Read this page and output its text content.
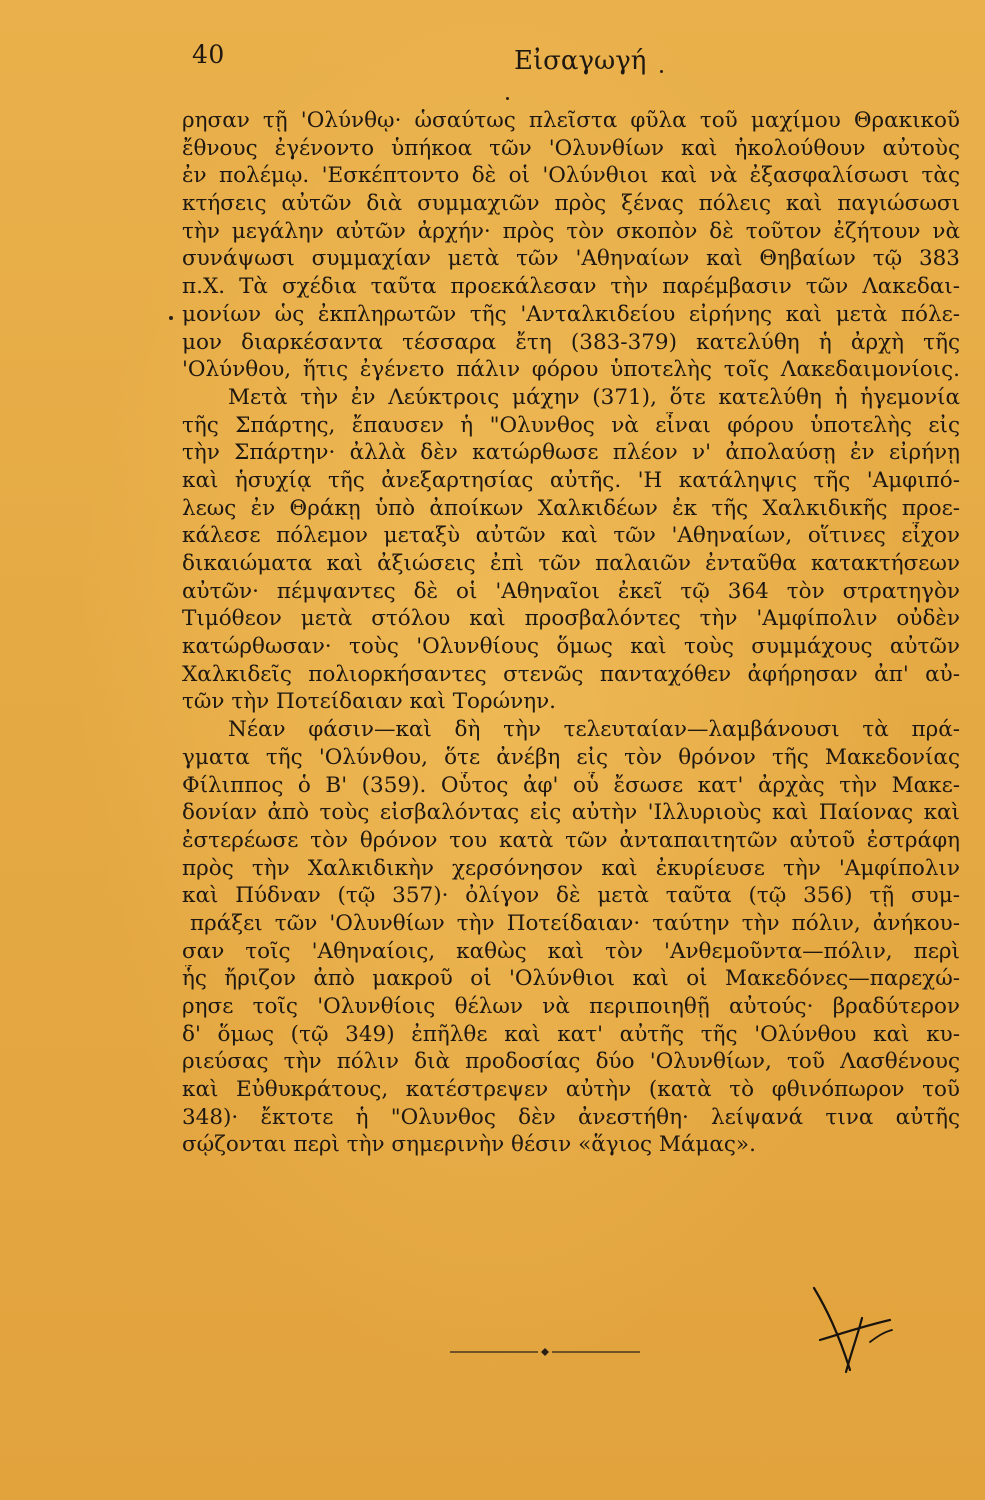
40	Εἰσαγωγή
ρησαν τῇ 'Ολύνθῳ· ὡσαύτως πλεῖστα φῦλα τοῦ μαχίμου Θρακικοῦ
ἔθνους ἐγένοντο ὑπήκοα τῶν 'Ολυνθίων καὶ ἠκολούθουν αὐτοὺς
ἐν πολέμῳ. 'Εσκέπτοντο δὲ οἱ 'Ολύνθιοι καὶ νὰ ἐξασφαλίσωσι τὰς
κτήσεις αὐτῶν διὰ συμμαχιῶν πρὸς ξένας πόλεις καὶ παγιώσωσι
τὴν μεγάλην αὐτῶν ἀρχήν· πρὸς τὸν σκοπὸν δὲ τοῦτον ἐζήτουν νὰ
συνάψωσι συμμαχίαν μετὰ τῶν 'Αθηναίων καὶ Θηβαίων τῷ 383
π.Χ. Τὰ σχέδια ταῦτα προεκάλεσαν τὴν παρέμβασιν τῶν Λακεδαι-
μονίων ὡς ἐκπληρωτῶν τῆς 'Ανταλκιδείου εἰρήνης καὶ μετὰ πόλε-
μον διαρκέσαντα τέσσαρα ἔτη (383-379) κατελύθη ἡ ἀρχὴ τῆς
'Ολύνθου, ἥτις ἐγένετο πάλιν φόρου ὑποτελὴς τοῖς Λακεδαιμονίοις.
Μετὰ τὴν ἐν Λεύκτροις μάχην (371), ὅτε κατελύθη ἡ ἡγεμονία
τῆς Σπάρτης, ἔπαυσεν ἡ "Ολυνθος νὰ εἶναι φόρου ὑποτελὴς εἰς
τὴν Σπάρτην· ἀλλὰ δὲν κατώρθωσε πλέον ν' ἀπολαύσῃ ἐν εἰρήνῃ
καὶ ἡσυχίᾳ τῆς ἀνεξαρτησίας αὐτῆς. 'Η κατάληψις τῆς 'Αμφιπό-
λεως ἐν Θράκῃ ὑπὸ ἀποίκων Χαλκιδέων ἐκ τῆς Χαλκιδικῆς προε-
κάλεσε πόλεμον μεταξὺ αὐτῶν καὶ τῶν 'Αθηναίων, οἵτινες εἶχον
δικαιώματα καὶ ἀξιώσεις ἐπὶ τῶν παλαιῶν ἐνταῦθα κατακτήσεων
αὐτῶν· πέμψαντες δὲ οἱ 'Αθηναῖοι ἐκεῖ τῷ 364 τὸν στρατηγὸν
Τιμόθεον μετὰ στόλου καὶ προσβαλόντες τὴν 'Αμφίπολιν οὐδὲν
κατώρθωσαν· τοὺς 'Ολυνθίους ὅμως καὶ τοὺς συμμάχους αὐτῶν
Χαλκιδεῖς πολιορκήσαντες στενῶς πανταχόθεν ἀφήρησαν ἀπ' αὐ-
τῶν τὴν Ποτείδαιαν καὶ Τορώνην.
Νέαν φάσιν—καὶ δὴ τὴν τελευταίαν—λαμβάνουσι τὰ πρά-
γματα τῆς 'Ολύνθου, ὅτε ἀνέβη εἰς τὸν θρόνον τῆς Μακεδονίας
Φίλιππος ὁ Β' (359). Οὗτος ἀφ' οὗ ἔσωσε κατ' ἀρχὰς τὴν Μακε-
δονίαν ἀπὸ τοὺς εἰσβαλόντας εἰς αὐτὴν 'Ιλλυριοὺς καὶ Παίονας καὶ
ἐστερέωσε τὸν θρόνον του κατὰ τῶν ἀνταπαιτητῶν αὐτοῦ ἐστράφη
πρὸς τὴν Χαλκιδικὴν χερσόνησον καὶ ἐκυρίευσε τὴν 'Αμφίπολιν
καὶ Πύδναν (τῷ 357)· ὀλίγον δὲ μετὰ ταῦτα (τῷ 356) τῇ συμ-
πράξει τῶν 'Ολυνθίων τὴν Ποτείδαιαν· ταύτην τὴν πόλιν, ἀνήκου-
σαν τοῖς 'Αθηναίοις, καθὼς καὶ τὸν 'Ανθεμοῦντα—πόλιν, περὶ
ἧς ἤριζον ἀπὸ μακροῦ οἱ 'Ολύνθιοι καὶ οἱ Μακεδόνες—παρεχώ-
ρησε τοῖς 'Ολυνθίοις θέλων νὰ περιποιηθῇ αὐτούς· βραδύτερον
δ' ὅμως (τῷ 349) ἐπῆλθε καὶ κατ' αὐτῆς τῆς 'Ολύνθου καὶ κυ-
ριεύσας τὴν πόλιν διὰ προδοσίας δύο 'Ολυνθίων, τοῦ Λασθένους
καὶ Εὐθυκράτους, κατέστρεψεν αὐτὴν (κατὰ τὸ φθινόπωρον τοῦ
348)· ἔκτοτε ἡ "Ολυνθος δὲν ἀνεστήθη· λείψανά τινα αὐτῆς
σῴζονται περὶ τὴν σημερινὴν θέσιν «ἅγιος Μάμας».
